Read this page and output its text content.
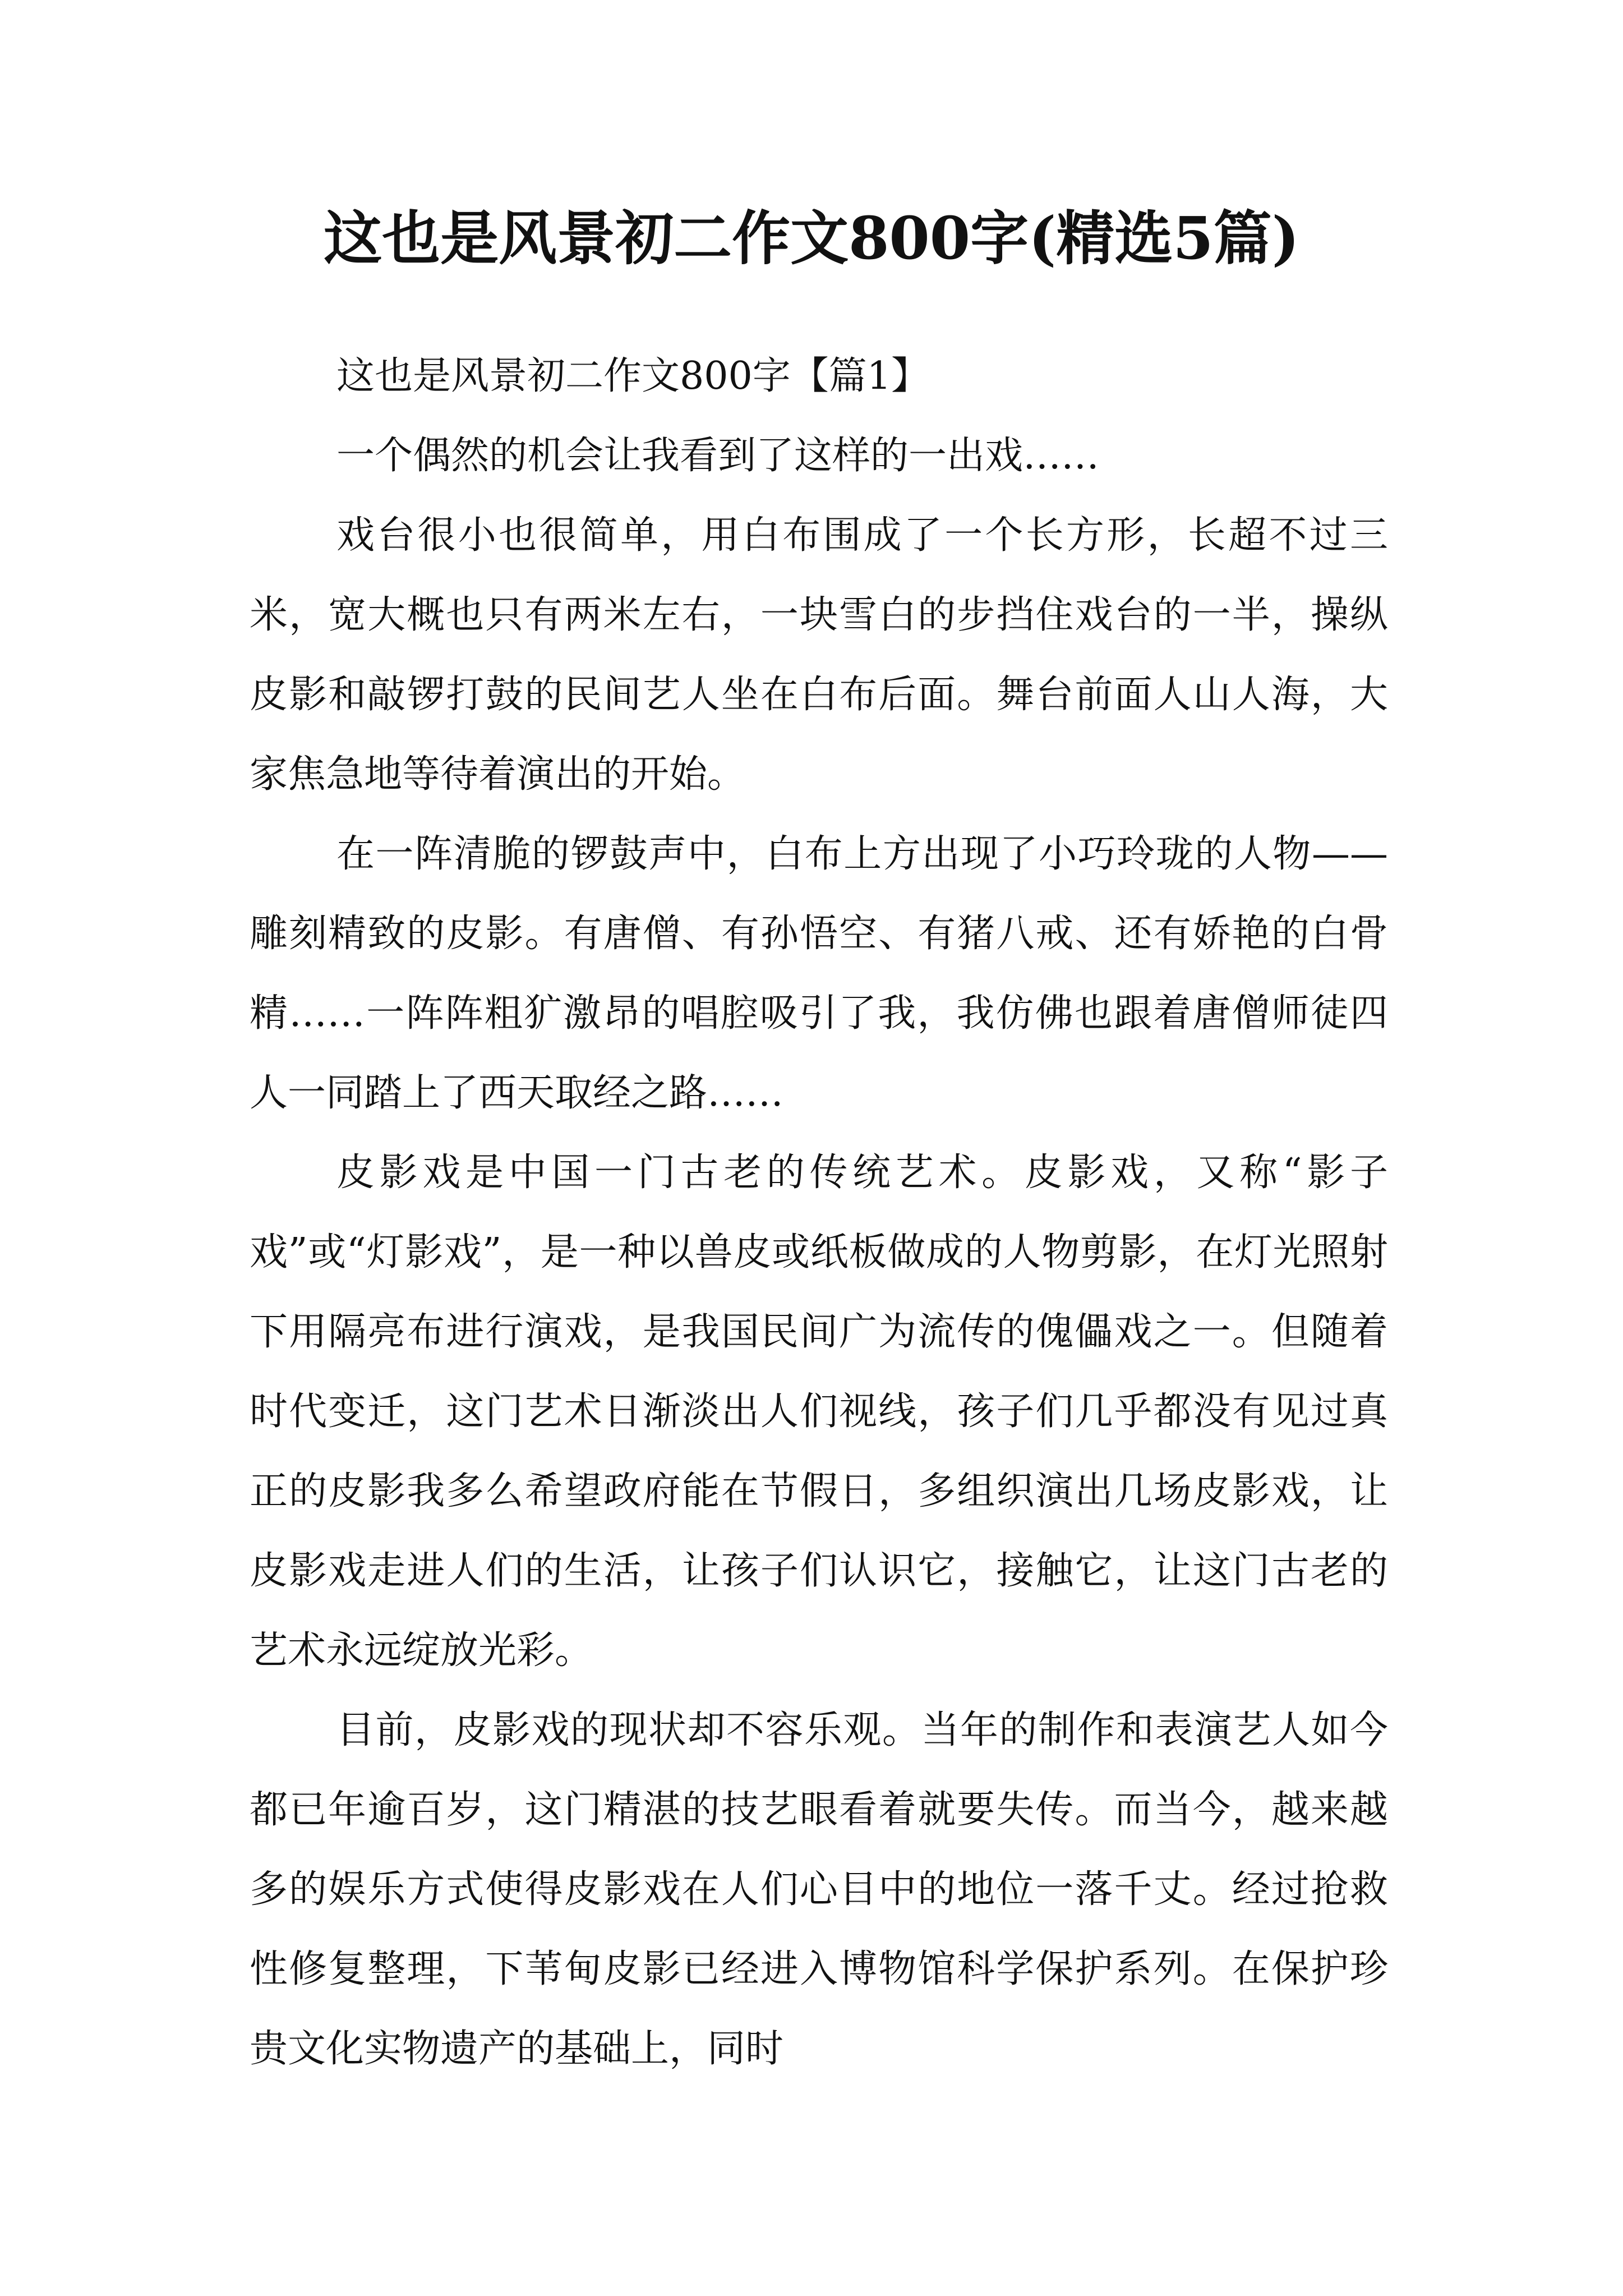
这也是风景初二作文800字(精选5篇)

这也是风景初二作文800字【篇1】

一个偶然的机会让我看到了这样的一出戏……

戏台很小也很简单，用白布围成了一个长方形，长超不过三米，宽大概也只有两米左右，一块雪白的步挡住戏台的一半，操纵皮影和敲锣打鼓的民间艺人坐在白布后面。舞台前面人山人海，大家焦急地等待着演出的开始。

在一阵清脆的锣鼓声中，白布上方出现了小巧玲珑的人物——雕刻精致的皮影。有唐僧、有孙悟空、有猪八戒、还有娇艳的白骨精……一阵阵粗犷激昂的唱腔吸引了我，我仿佛也跟着唐僧师徒四人一同踏上了西天取经之路……

皮影戏是中国一门古老的传统艺术。皮影戏，又称“影子戏”或“灯影戏”，是一种以兽皮或纸板做成的人物剪影，在灯光照射下用隔亮布进行演戏，是我国民间广为流传的傀儡戏之一。但随着时代变迁，这门艺术日渐淡出人们视线，孩子们几乎都没有见过真正的皮影我多么希望政府能在节假日，多组织演出几场皮影戏，让皮影戏走进人们的生活，让孩子们认识它，接触它，让这门古老的艺术永远绽放光彩。

目前，皮影戏的现状却不容乐观。当年的制作和表演艺人如今都已年逾百岁，这门精湛的技艺眼看着就要失传。而当今，越来越多的娱乐方式使得皮影戏在人们心目中的地位一落千丈。经过抢救性修复整理，下苇甸皮影已经进入博物馆科学保护系列。在保护珍贵文化实物遗产的基础上，同时
